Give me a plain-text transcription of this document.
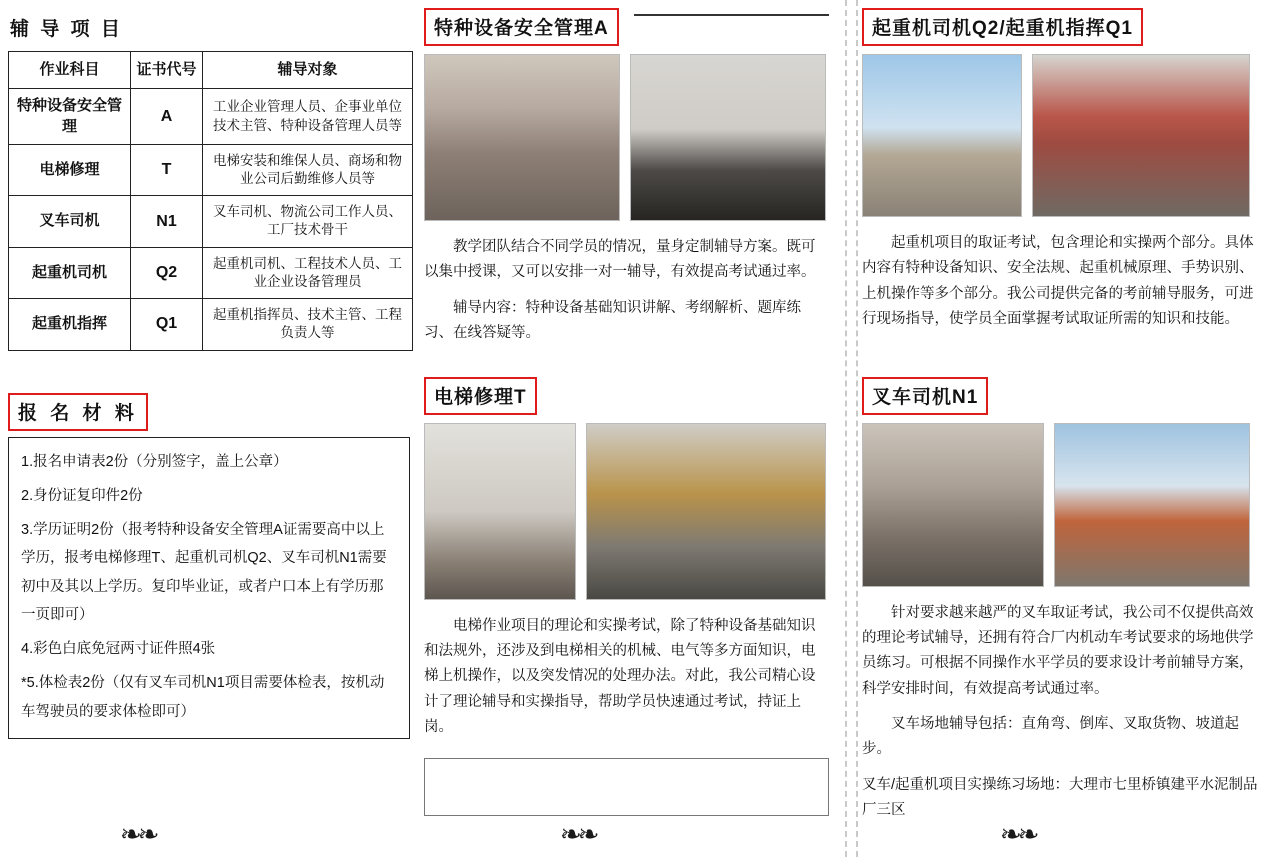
辅 导 项 目
作业科目	证书代号	辅导对象
特种设备安全管理	A	工业企业管理人员、企事业单位技术主管、特种设备管理人员等
电梯修理	T	电梯安装和维保人员、商场和物业公司后勤维修人员等
叉车司机	N1	叉车司机、物流公司工作人员、工厂技术骨干
起重机司机	Q2	起重机司机、工程技术人员、工业企业设备管理员
起重机指挥	Q1	起重机指挥员、技术主管、工程负责人等
报 名 材 料

1.报名申请表2份（分别签字，盖上公章）

2.身份证复印件2份

3.学历证明2份（报考特种设备安全管理A证需要高中以上学历，报考电梯修理T、起重机司机Q2、叉车司机N1需要初中及其以上学历。复印毕业证，或者户口本上有学历那一页即可）

4.彩色白底免冠两寸证件照4张

*5.体检表2份（仅有叉车司机N1项目需要体检表，按机动车驾驶员的要求体检即可）

特种设备安全管理A

教学团队结合不同学员的情况，量身定制辅导方案。既可以集中授课，又可以安排一对一辅导，有效提高考试通过率。

辅导内容：特种设备基础知识讲解、考纲解析、题库练习、在线答疑等。

电梯修理T

电梯作业项目的理论和实操考试，除了特种设备基础知识和法规外，还涉及到电梯相关的机械、电气等多方面知识，电梯上机操作，以及突发情况的处理办法。对此，我公司精心设计了理论辅导和实操指导，帮助学员快速通过考试，持证上岗。

起重机司机Q2/起重机指挥Q1

起重机项目的取证考试，包含理论和实操两个部分。具体内容有特种设备知识、安全法规、起重机械原理、手势识别、上机操作等多个部分。我公司提供完备的考前辅导服务，可进行现场指导，使学员全面掌握考试取证所需的知识和技能。

叉车司机N1

针对要求越来越严的叉车取证考试，我公司不仅提供高效的理论考试辅导，还拥有符合厂内机动车考试要求的场地供学员练习。可根据不同操作水平学员的要求设计考前辅导方案，科学安排时间，有效提高考试通过率。

叉车场地辅导包括：直角弯、倒库、叉取货物、坡道起步。

叉车/起重机项目实操练习场地：大理市七里桥镇建平水泥制品厂三区

❧❧	❧❧	❧❧
